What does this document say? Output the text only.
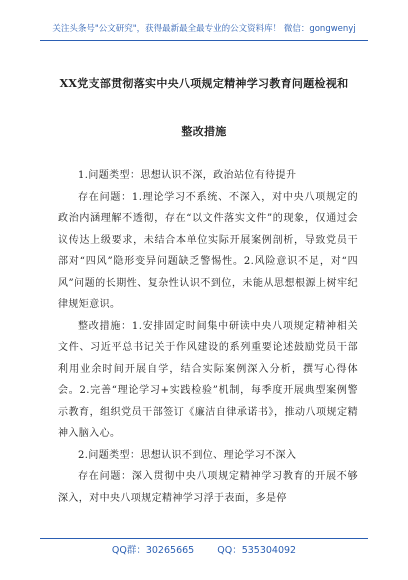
关注头条号"公文研究"，获得最新最全最专业的公文资料库！ 微信：gongwenyj
XX党支部贯彻落实中央八项规定精神学习教育问题检视和
整改措施

1.问题类型：思想认识不深，政治站位有待提升

存在问题：1.理论学习不系统、不深入，对中央八项规定的政治内涵理解不透彻，存在“以文件落实文件”的现象，仅通过会议传达上级要求，未结合本单位实际开展案例剖析，导致党员干部对“四风”隐形变异问题缺乏警惕性。2.风险意识不足，对“四风”问题的长期性、复杂性认识不到位，未能从思想根源上树牢纪律规矩意识。

整改措施：1.安排固定时间集中研读中央八项规定精神相关文件、习近平总书记关于作风建设的系列重要论述鼓励党员干部利用业余时间开展自学，结合实际案例深入分析，撰写心得体会。2.完善“理论学习+实践检验”机制，每季度开展典型案例警示教育，组织党员干部签订《廉洁自律承诺书》，推动八项规定精神入脑入心。

2.问题类型：思想认识不到位、理论学习不深入

存在问题：深入贯彻中央八项规定精神学习教育的开展不够深入，对中央八项规定精神学习浮于表面，多是停

QQ群：30265665 QQ：535304092
